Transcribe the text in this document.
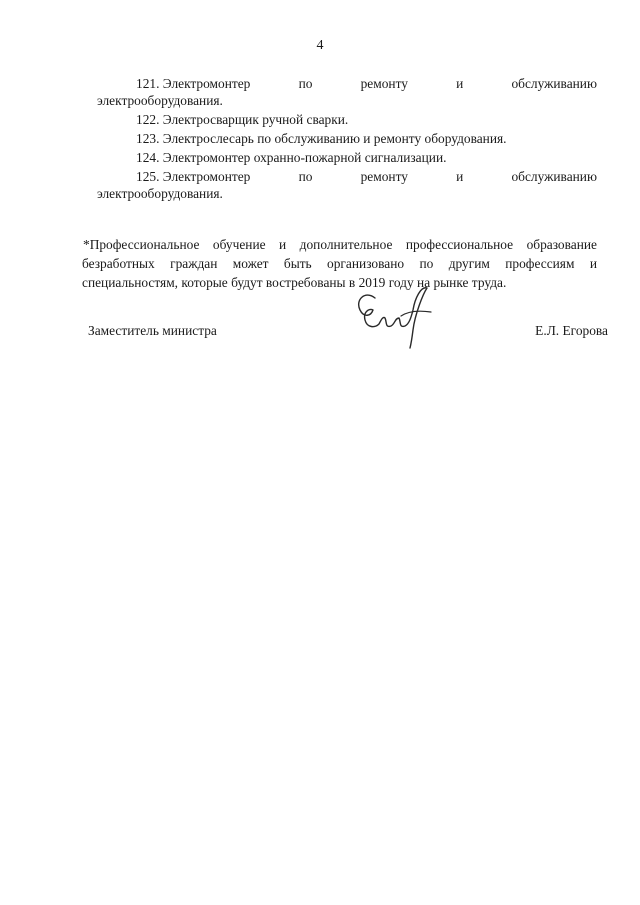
4
121. Электромонтер	по	ремонту	и	обслуживанию
электрооборудования.
122. Электросварщик ручной сварки.
123. Электрослесарь по обслуживанию и ремонту оборудования.
124. Электромонтер охранно-пожарной сигнализации.
125. Электромонтер	по	ремонту	и	обслуживанию
электрооборудования.

*Профессиональное обучение и дополнительное профессиональное образование безработных граждан может быть организовано по другим профессиям и специальностям, которые будут востребованы в 2019 году на рынке труда.

Заместитель министра	Е.Л. Егорова
